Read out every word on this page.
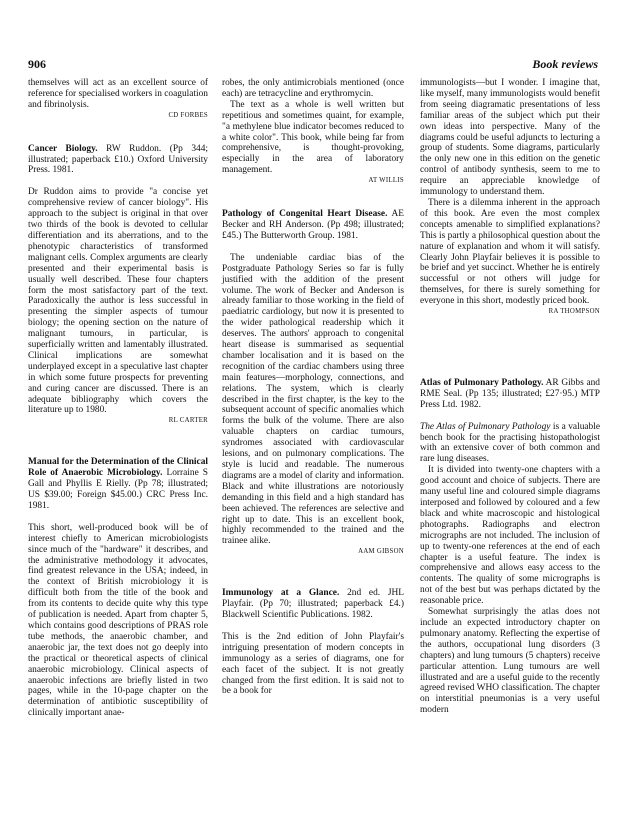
906	Book reviews

themselves will act as an excellent source of reference for specialised workers in coagulation and fibrinolysis.

CD FORBES

Cancer Biology. RW Ruddon. (Pp 344; illustrated; paperback £10.) Oxford University Press. 1981.

Dr Ruddon aims to provide "a concise yet comprehensive review of cancer biology". His approach to the subject is original in that over two thirds of the book is devoted to cellular differentiation and its aberrations, and to the phenotypic characteristics of transformed malignant cells. Complex arguments are clearly presented and their experimental basis is usually well described. These four chapters form the most satisfactory part of the text. Paradoxically the author is less successful in presenting the simpler aspects of tumour biology; the opening section on the nature of malignant tumours, in particular, is superficially written and lamentably illustrated. Clinical implications are somewhat underplayed except in a speculative last chapter in which some future prospects for preventing and curing cancer are discussed. There is an adequate bibliography which covers the literature up to 1980.

RL CARTER

Manual for the Determination of the Clinical Role of Anaerobic Microbiology. Lorraine S Gall and Phyllis E Rielly. (Pp 78; illustrated; US $39.00; Foreign $45.00.) CRC Press Inc. 1981.

This short, well-produced book will be of interest chiefly to American microbiologists since much of the "hardware" it describes, and the administrative methodology it advocates, find greatest relevance in the USA; indeed, in the context of British microbiology it is difficult both from the title of the book and from its contents to decide quite why this type of publication is needed. Apart from chapter 5, which contains good descriptions of PRAS role tube methods, the anaerobic chamber, and anaerobic jar, the text does not go deeply into the practical or theoretical aspects of clinical anaerobic microbiology. Clinical aspects of anaerobic infections are briefly listed in two pages, while in the 10-page chapter on the determination of antibiotic susceptibility of clinically important anae-

robes, the only antimicrobials mentioned (once each) are tetracycline and erythromycin.

The text as a whole is well written but repetitious and sometimes quaint, for example, "a methylene blue indicator becomes reduced to a white color". This book, while being far from comprehensive, is thought-provoking, especially in the area of laboratory management.

AT WILLIS

Pathology of Congenital Heart Disease. AE Becker and RH Anderson. (Pp 498; illustrated; £45.) The Butterworth Group. 1981.

The undeniable cardiac bias of the Postgraduate Pathology Series so far is fully justified with the addition of the present volume. The work of Becker and Anderson is already familiar to those working in the field of paediatric cardiology, but now it is presented to the wider pathological readership which it deserves. The authors' approach to congenital heart disease is summarised as sequential chamber localisation and it is based on the recognition of the cardiac chambers using three main features—morphology, connections, and relations. The system, which is clearly described in the first chapter, is the key to the subsequent account of specific anomalies which forms the bulk of the volume. There are also valuable chapters on cardiac tumours, syndromes associated with cardiovascular lesions, and on pulmonary complications. The style is lucid and readable. The numerous diagrams are a model of clarity and information. Black and white illustrations are notoriously demanding in this field and a high standard has been achieved. The references are selective and right up to date. This is an excellent book, highly recommended to the trained and the trainee alike.

AAM GIBSON

Immunology at a Glance. 2nd ed. JHL Playfair. (Pp 70; illustrated; paperback £4.) Blackwell Scientific Publications. 1982.

This is the 2nd edition of John Playfair's intriguing presentation of modern concepts in immunology as a series of diagrams, one for each facet of the subject. It is not greatly changed from the first edition. It is said not to be a book for

immunologists—but I wonder. I imagine that, like myself, many immunologists would benefit from seeing diagramatic presentations of less familiar areas of the subject which put their own ideas into perspective. Many of the diagrams could be useful adjuncts to lecturing a group of students. Some diagrams, particularly the only new one in this edition on the genetic control of antibody synthesis, seem to me to require an appreciable knowledge of immunology to understand them.

There is a dilemma inherent in the approach of this book. Are even the most complex concepts amenable to simplified explanations? This is partly a philosophical question about the nature of explanation and whom it will satisfy. Clearly John Playfair believes it is possible to be brief and yet succinct. Whether he is entirely successful or not others will judge for themselves, for there is surely something for everyone in this short, modestly priced book.

RA THOMPSON

Atlas of Pulmonary Pathology. AR Gibbs and RME Seal. (Pp 135; illustrated; £27·95.) MTP Press Ltd. 1982.

The Atlas of Pulmonary Pathology is a valuable bench book for the practising histopathologist with an extensive cover of both common and rare lung diseases.

It is divided into twenty-one chapters with a good account and choice of subjects. There are many useful line and coloured simple diagrams interposed and followed by coloured and a few black and white macroscopic and histological photographs. Radiographs and electron micrographs are not included. The inclusion of up to twenty-one references at the end of each chapter is a useful feature. The index is comprehensive and allows easy access to the contents. The quality of some micrographs is not of the best but was perhaps dictated by the reasonable price.

Somewhat surprisingly the atlas does not include an expected introductory chapter on pulmonary anatomy. Reflecting the expertise of the authors, occupational lung disorders (3 chapters) and lung tumours (5 chapters) receive particular attention. Lung tumours are well illustrated and are a useful guide to the recently agreed revised WHO classification. The chapter on interstitial pneumonias is a very useful modern
